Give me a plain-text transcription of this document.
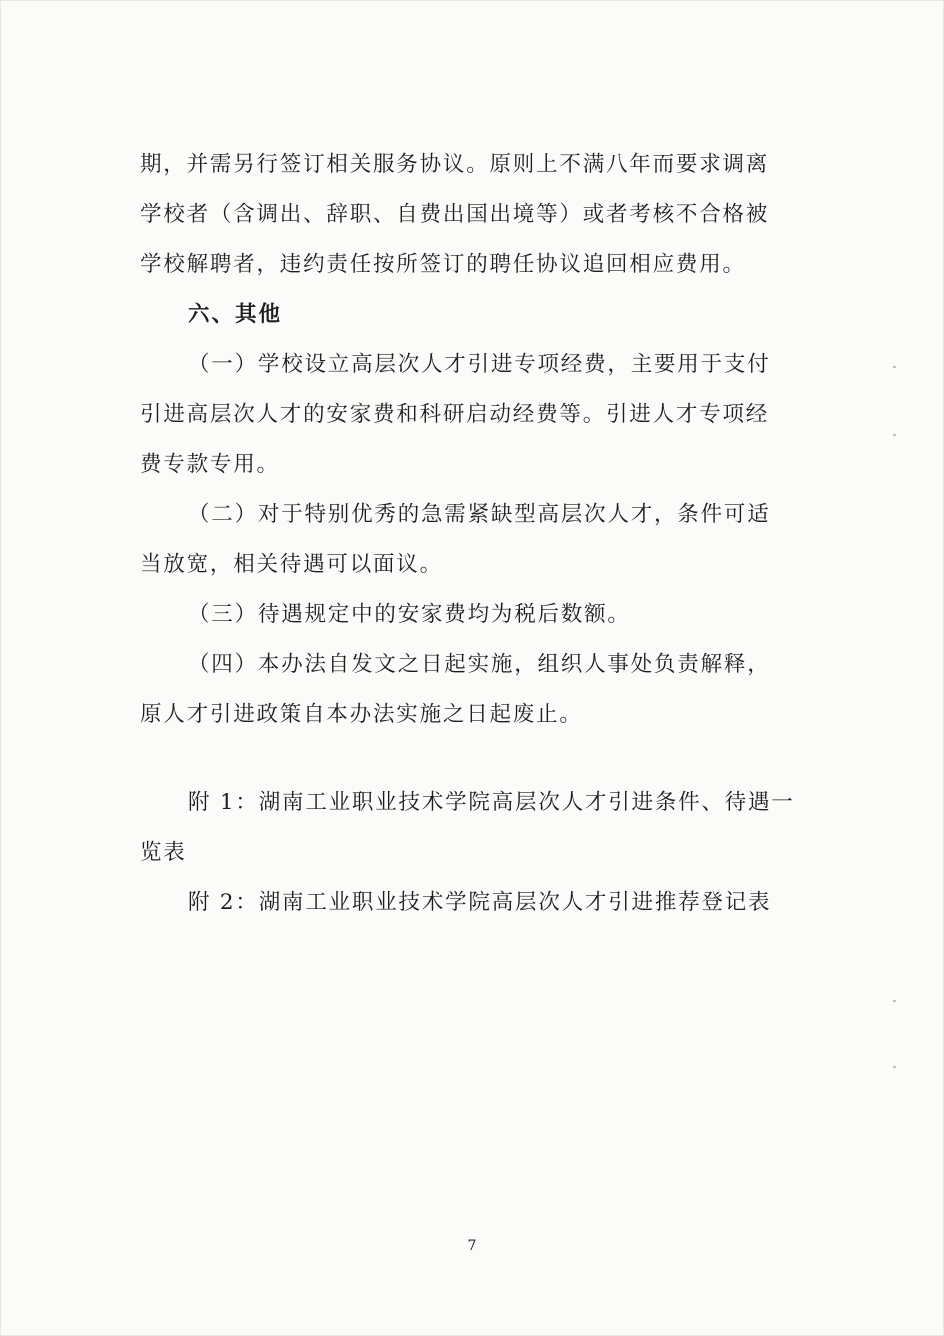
期，并需另行签订相关服务协议。原则上不满八年而要求调离

学校者（含调出、辞职、自费出国出境等）或者考核不合格被

学校解聘者，违约责任按所签订的聘任协议追回相应费用。

六、其他

（一）学校设立高层次人才引进专项经费，主要用于支付

引进高层次人才的安家费和科研启动经费等。引进人才专项经

费专款专用。

（二）对于特别优秀的急需紧缺型高层次人才，条件可适

当放宽，相关待遇可以面议。

（三）待遇规定中的安家费均为税后数额。

（四）本办法自发文之日起实施，组织人事处负责解释，

原人才引进政策自本办法实施之日起废止。

附 1：湖南工业职业技术学院高层次人才引进条件、待遇一

览表

附 2：湖南工业职业技术学院高层次人才引进推荐登记表

7
